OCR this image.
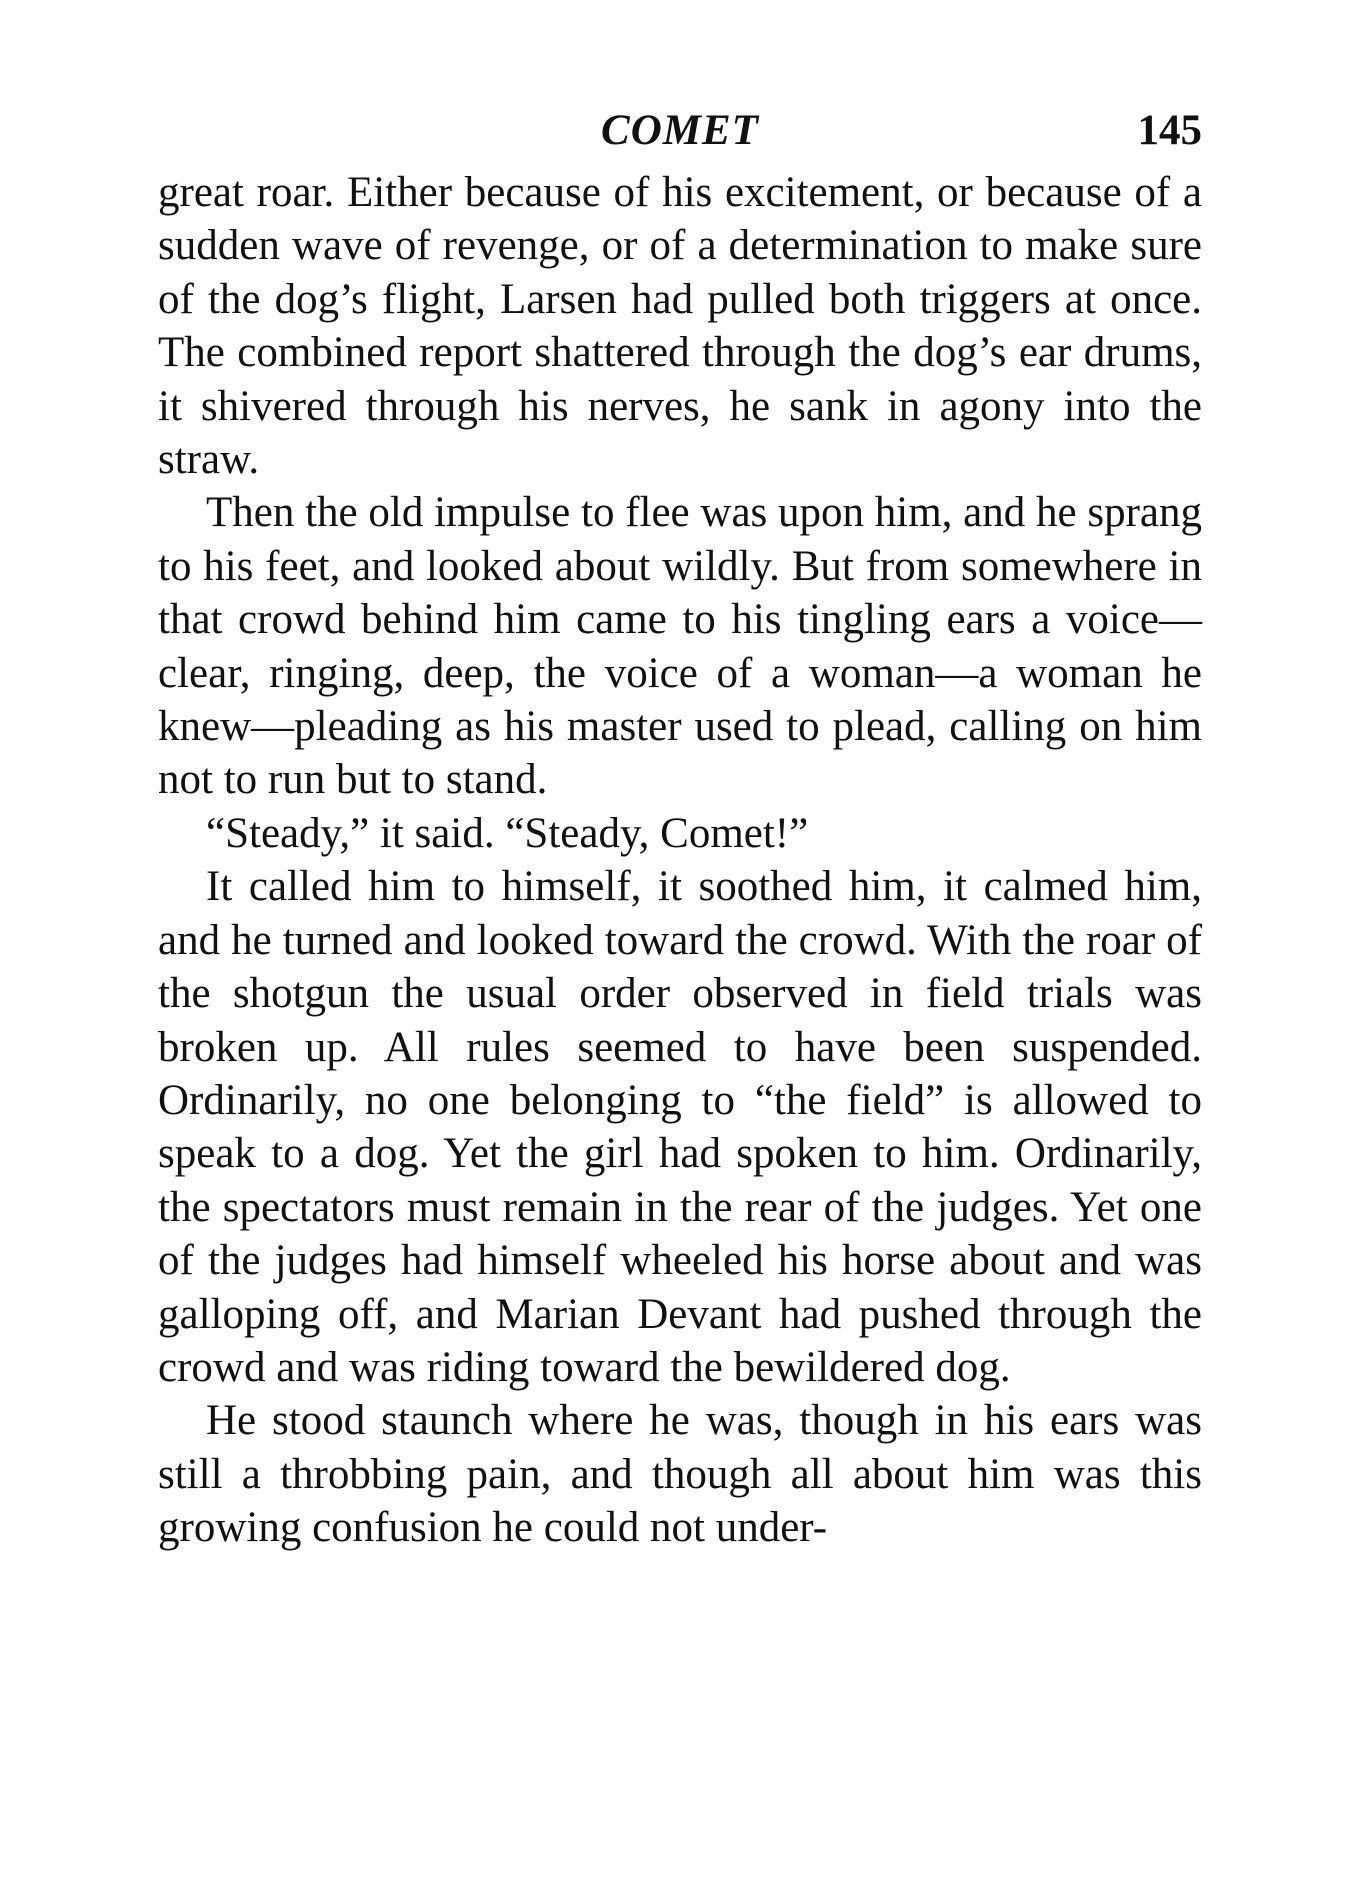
COMET	145

great roar. Either because of his excitement, or because of a sudden wave of revenge, or of a determination to make sure of the dog’s flight, Larsen had pulled both triggers at once. The combined report shattered through the dog’s ear drums, it shivered through his nerves, he sank in agony into the straw.

Then the old impulse to flee was upon him, and he sprang to his feet, and looked about wildly. But from somewhere in that crowd behind him came to his tingling ears a voice—clear, ringing, deep, the voice of a woman—a woman he knew—pleading as his master used to plead, calling on him not to run but to stand.

“Steady,” it said. “Steady, Comet!”

It called him to himself, it soothed him, it calmed him, and he turned and looked toward the crowd. With the roar of the shotgun the usual order observed in field trials was broken up. All rules seemed to have been suspended. Ordinarily, no one belonging to “the field” is allowed to speak to a dog. Yet the girl had spoken to him. Ordinarily, the spectators must remain in the rear of the judges. Yet one of the judges had himself wheeled his horse about and was galloping off, and Marian Devant had pushed through the crowd and was riding toward the bewildered dog.

He stood staunch where he was, though in his ears was still a throbbing pain, and though all about him was this growing confusion he could not under-
